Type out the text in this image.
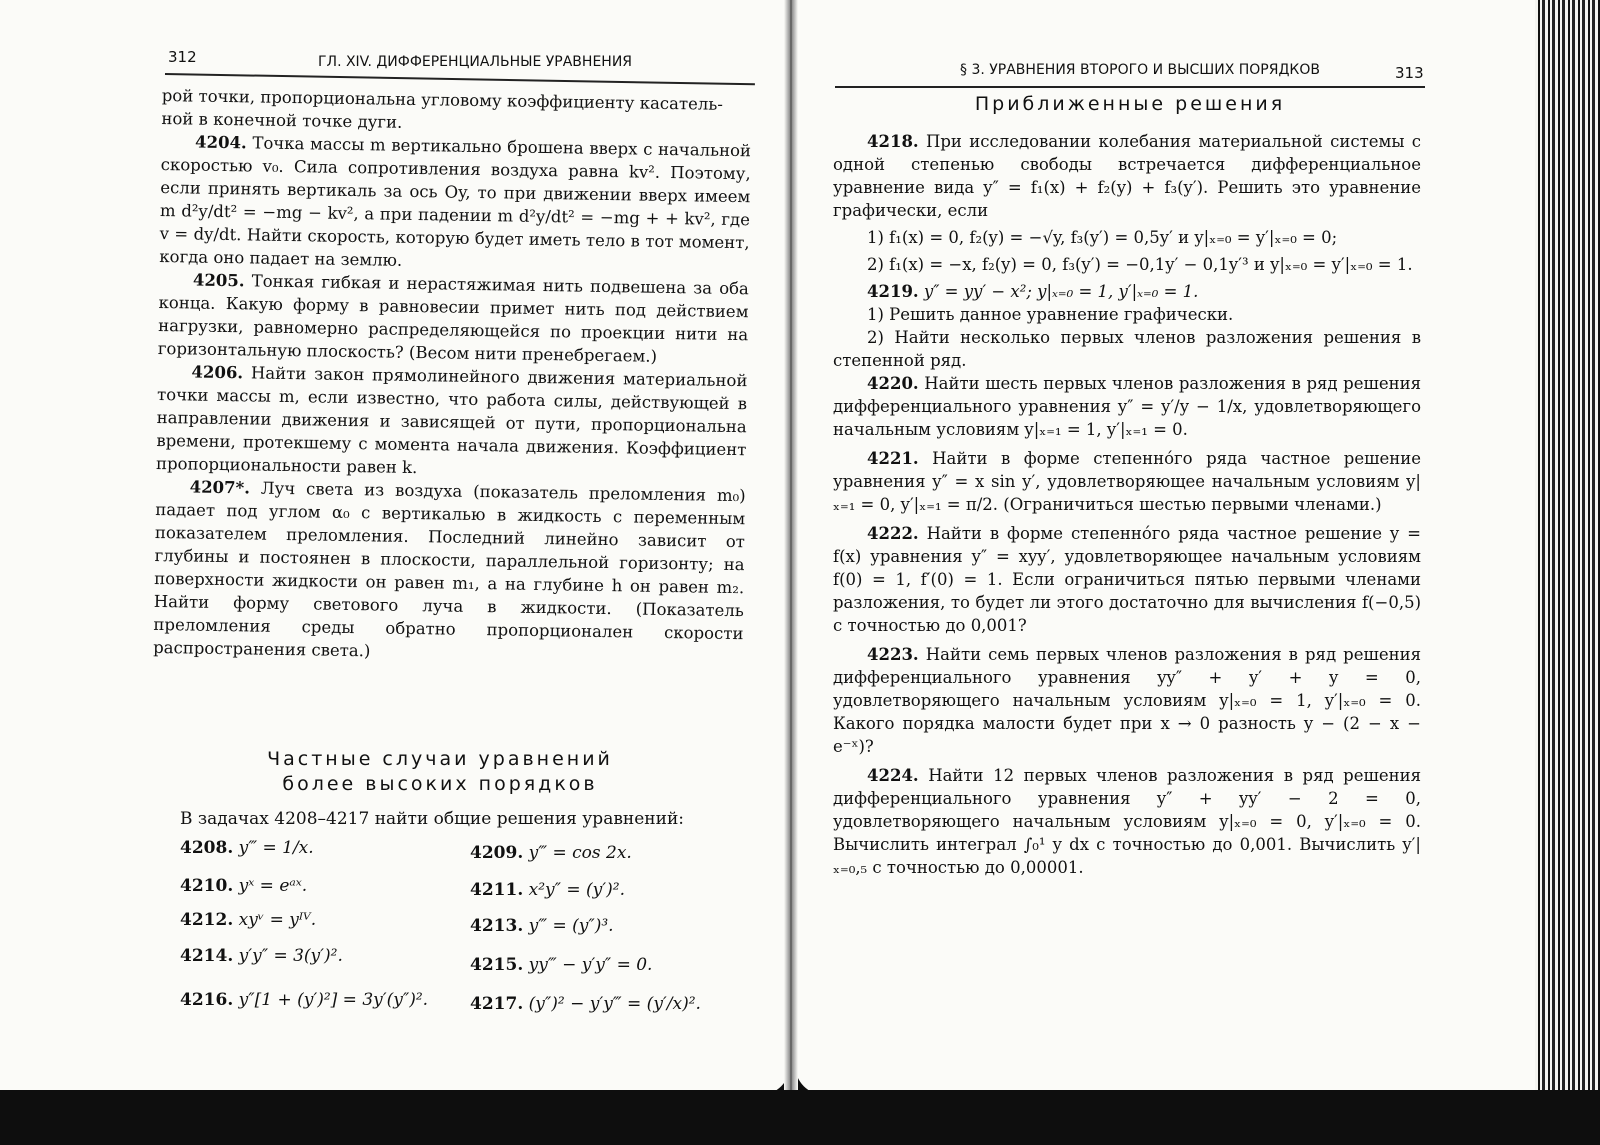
312	ГЛ. XIV. ДИФФЕРЕНЦИАЛЬНЫЕ УРАВНЕНИЯ

рой точки, пропорциональна угловому коэффициенту касатель-
ной в конечной точке дуги.

4204. Точка массы m вертикально брошена вверх с начальной скоростью v₀. Сила сопротивления воздуха равна kv². Поэтому, если принять вертикаль за ось Oy, то при движении вверх имеем m d²y/dt² = −mg − kv², а при падении m d²y/dt² = −mg + + kv², где v = dy/dt. Найти скорость, которую будет иметь тело в тот момент, когда оно падает на землю.

4205. Тонкая гибкая и нерастяжимая нить подвешена за оба конца. Какую форму в равновесии примет нить под действием нагрузки, равномерно распределяющейся по проекции нити на горизонтальную плоскость? (Весом нити пренебрегаем.)

4206. Найти закон прямолинейного движения материальной точки массы m, если известно, что работа силы, действующей в направлении движения и зависящей от пути, пропорциональна времени, протекшему с момента начала движения. Коэффициент пропорциональности равен k.

4207*. Луч света из воздуха (показатель преломления m₀) падает под углом α₀ с вертикалью в жидкость с переменным показателем преломления. Последний линейно зависит от глубины и постоянен в плоскости, параллельной горизонту; на поверхности жидкости он равен m₁, а на глубине h он равен m₂. Найти форму светового луча в жидкости. (Показатель преломления среды обратно пропорционален скорости распространения света.)

Частные случаи уравнений
более высоких порядков
В задачах 4208–4217 найти общие решения уравнений:
4208. y‴ = 1/x.	4209. y‴ = cos 2x.
4210. yˣ = eᵃˣ.	4211. x²y″ = (y′)².
4212. xyᵛ = yᴵⱽ.	4213. y‴ = (y″)³.
4214. y′y″ = 3(y′)².	4215. yy‴ − y′y″ = 0.
4216. y″[1 + (y′)²] = 3y′(y″)². 4217. (y″)² − y′y‴ = (y′/x)².
§ 3. УРАВНЕНИЯ ВТОРОГО И ВЫСШИХ ПОРЯДКОВ	313
Приближенные решения

4218. При исследовании колебания материальной системы с одной степенью свободы встречается дифференциальное уравнение вида y″ = f₁(x) + f₂(y) + f₃(y′). Решить это уравнение графически, если

1) f₁(x) = 0, f₂(y) = −√y, f₃(y′) = 0,5y′ и y|ₓ₌₀ = y′|ₓ₌₀ = 0;

2) f₁(x) = −x, f₂(y) = 0, f₃(y′) = −0,1y′ − 0,1y′³ и y|ₓ₌₀ = y′|ₓ₌₀ = 1.

4219. y″ = yy′ − x²; y|ₓ₌₀ = 1, y′|ₓ₌₀ = 1.

1) Решить данное уравнение графически.

2) Найти несколько первых членов разложения решения в степенной ряд.

4220. Найти шесть первых членов разложения в ряд решения дифференциального уравнения y″ = y′/y − 1/x, удовлетворяющего начальным условиям y|ₓ₌₁ = 1, y′|ₓ₌₁ = 0.

4221. Найти в форме степенно́го ряда частное решение уравнения y″ = x sin y′, удовлетворяющее начальным условиям y|ₓ₌₁ = 0, y′|ₓ₌₁ = π/2. (Ограничиться шестью первыми членами.)

4222. Найти в форме степенно́го ряда частное решение y = f(x) уравнения y″ = xyy′, удовлетворяющее начальным условиям f(0) = 1, f′(0) = 1. Если ограничиться пятью первыми членами разложения, то будет ли этого достаточно для вычисления f(−0,5) с точностью до 0,001?

4223. Найти семь первых членов разложения в ряд решения дифференциального уравнения yy″ + y′ + y = 0, удовлетворяющего начальным условиям y|ₓ₌₀ = 1, y′|ₓ₌₀ = 0. Какого порядка малости будет при x → 0 разность y − (2 − x − e⁻ˣ)?

4224. Найти 12 первых членов разложения в ряд решения дифференциального уравнения y″ + yy′ − 2 = 0, удовлетворяющего начальным условиям y|ₓ₌₀ = 0, y′|ₓ₌₀ = 0. Вычислить интеграл ∫₀¹ y dx с точностью до 0,001. Вычислить y′|ₓ₌₀,₅ с точностью до 0,00001.
